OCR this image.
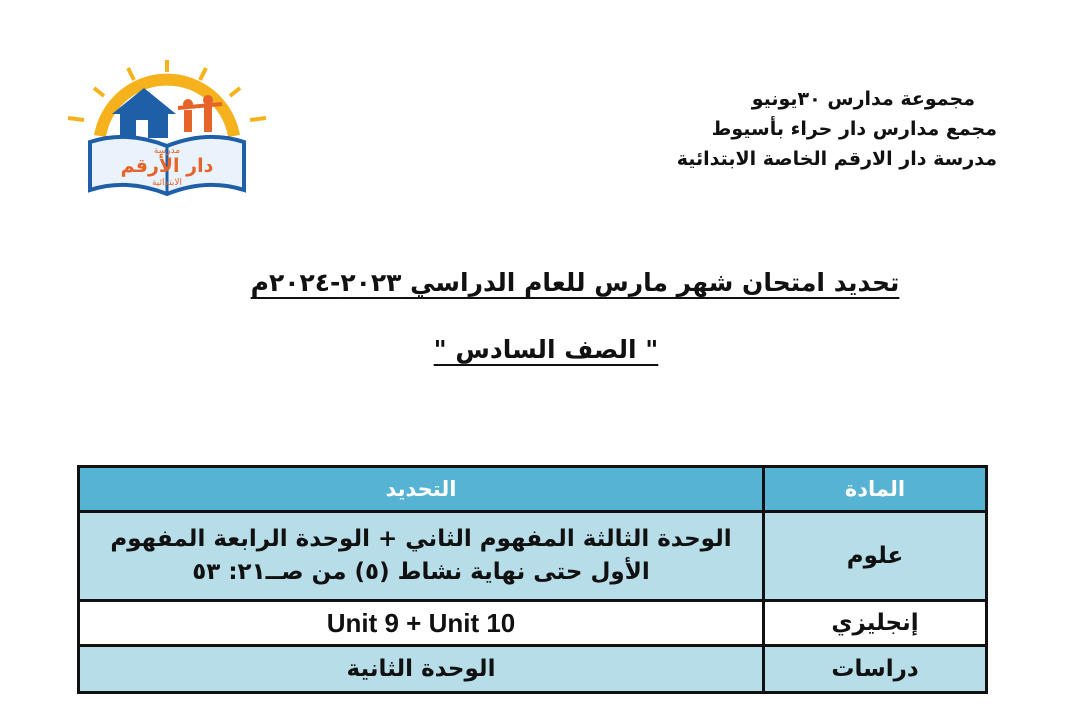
مدرسة
دار الأرقم
الابتدائية
مجموعة مدارس ٣٠يونيو
مجمع مدارس دار حراء بأسيوط
مدرسة دار الارقم الخاصة الابتدائية
تحديد امتحان شهر مارس للعام الدراسي ٢٠٢٣-٢٠٢٤م
" الصف السادس "
المادة	التحديد
علوم	الوحدة الثالثة المفهوم الثاني + الوحدة الرابعة المفهوم
الأول حتى نهاية نشاط (٥) من صــ٢١: ٥٣

إنجليزي	Unit 9 + Unit 10
دراسات	الوحدة الثانية
